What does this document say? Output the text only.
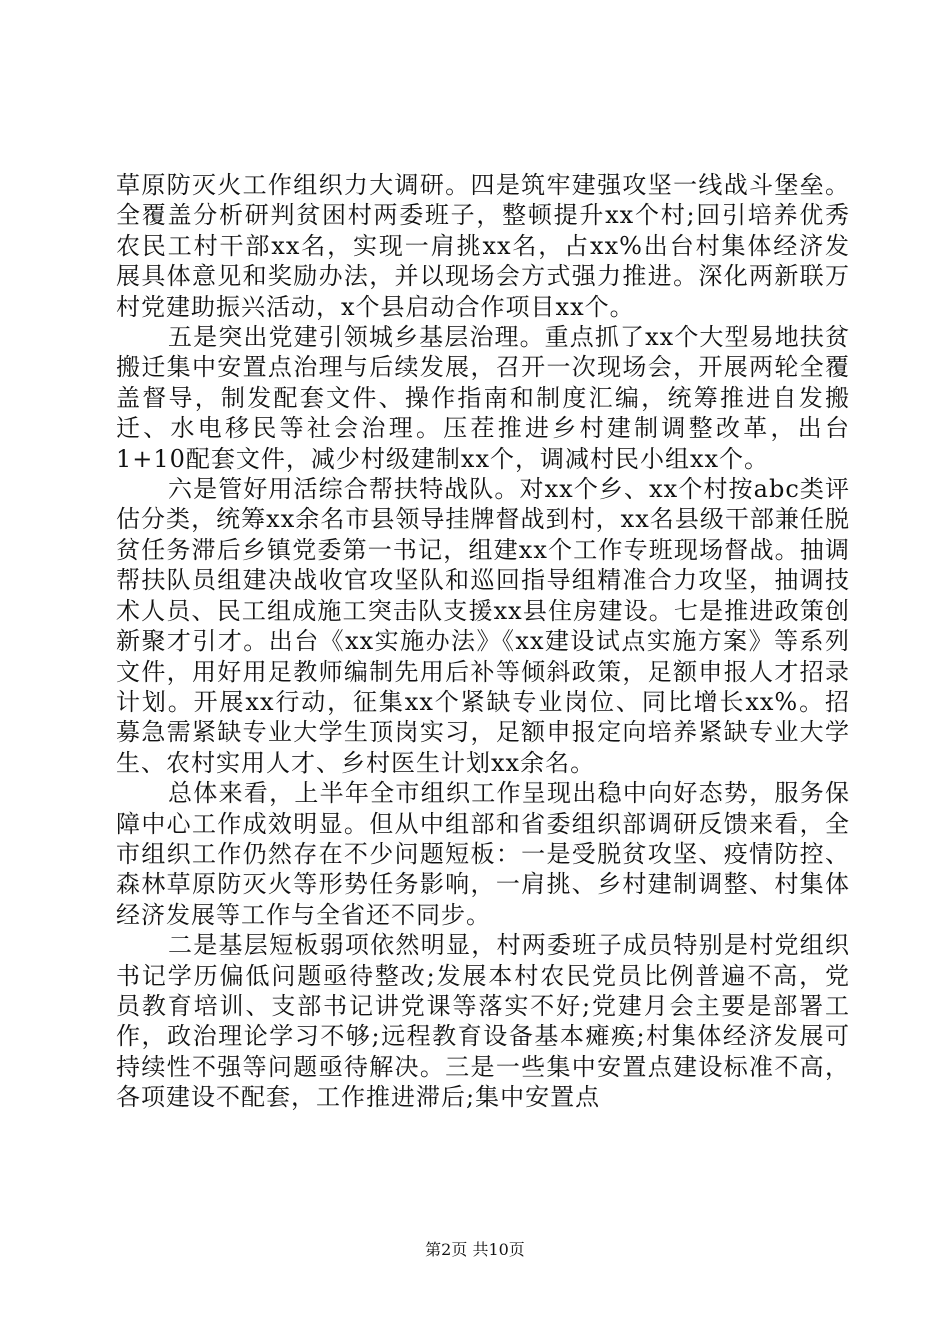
草原防灭火工作组织力大调研。四是筑牢建强攻坚一线战斗堡垒。全覆盖分析研判贫困村两委班子，整顿提升xx个村;回引培养优秀农民工村干部xx名，实现一肩挑xx名，占xx%出台村集体经济发展具体意见和奖励办法，并以现场会方式强力推进。深化两新联万村党建助振兴活动，x个县启动合作项目xx个。

五是突出党建引领城乡基层治理。重点抓了xx个大型易地扶贫搬迁集中安置点治理与后续发展，召开一次现场会，开展两轮全覆盖督导，制发配套文件、操作指南和制度汇编，统筹推进自发搬迁、水电移民等社会治理。压茬推进乡村建制调整改革，出台1+10配套文件，减少村级建制xx个，调减村民小组xx个。

六是管好用活综合帮扶特战队。对xx个乡、xx个村按abc类评估分类，统筹xx余名市县领导挂牌督战到村，xx名县级干部兼任脱贫任务滞后乡镇党委第一书记，组建xx个工作专班现场督战。抽调帮扶队员组建决战收官攻坚队和巡回指导组精准合力攻坚，抽调技术人员、民工组成施工突击队支援xx县住房建设。七是推进政策创新聚才引才。出台《xx实施办法》《xx建设试点实施方案》等系列文件，用好用足教师编制先用后补等倾斜政策，足额申报人才招录计划。开展xx行动，征集xx个紧缺专业岗位、同比增长xx%。招募急需紧缺专业大学生顶岗实习，足额申报定向培养紧缺专业大学生、农村实用人才、乡村医生计划xx余名。

总体来看，上半年全市组织工作呈现出稳中向好态势，服务保障中心工作成效明显。但从中组部和省委组织部调研反馈来看，全市组织工作仍然存在不少问题短板：一是受脱贫攻坚、疫情防控、森林草原防灭火等形势任务影响，一肩挑、乡村建制调整、村集体经济发展等工作与全省还不同步。

二是基层短板弱项依然明显，村两委班子成员特别是村党组织书记学历偏低问题亟待整改;发展本村农民党员比例普遍不高，党员教育培训、支部书记讲党课等落实不好;党建月会主要是部署工作，政治理论学习不够;远程教育设备基本瘫痪;村集体经济发展可持续性不强等问题亟待解决。三是一些集中安置点建设标准不高，各项建设不配套，工作推进滞后;集中安置点

第2页 共10页
